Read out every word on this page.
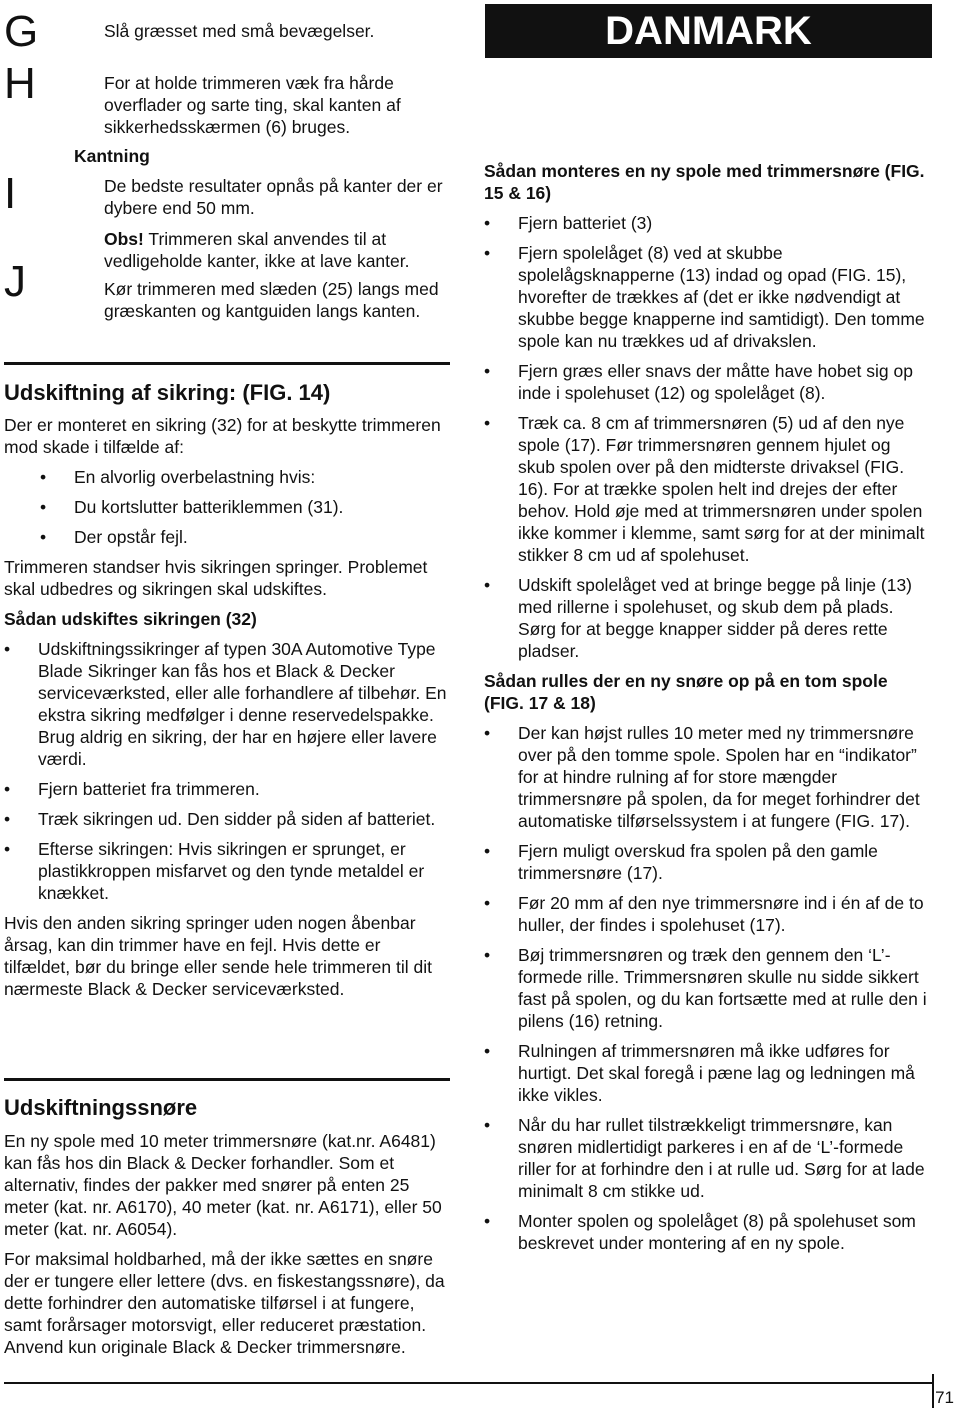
G
H
I
J

Slå græsset med små bevægelser.

For at holde trimmeren væk fra hårde overflader og sarte ting, skal kanten af sikkerhedsskærmen (6) bruges.

Kantning

De bedste resultater opnås på kanter der er dybere end 50 mm.

Obs! Trimmeren skal anvendes til at vedligeholde kanter, ikke at lave kanter.

Kør trimmeren med slæden (25) langs med græskanten og kantguiden langs kanten.

Udskiftning af sikring: (FIG. 14)

Der er monteret en sikring (32) for at beskytte trimmeren mod skade i tilfælde af:

• En alvorlig overbelastning hvis:
• Du kortslutter batteriklemmen (31).
• Der opstår fejl.

Trimmeren standser hvis sikringen springer. Problemet skal udbedres og sikringen skal udskiftes.

Sådan udskiftes sikringen (32)
• Udskiftningssikringer af typen 30A Automotive Type Blade Sikringer kan fås hos et Black & Decker serviceværksted, eller alle forhandlere af tilbehør. En ekstra sikring medfølger i denne reservedelspakke. Brug aldrig en sikring, der har en højere eller lavere værdi.
• Fjern batteriet fra trimmeren.
• Træk sikringen ud. Den sidder på siden af batteriet.
• Efterse sikringen: Hvis sikringen er sprunget, er plastikkroppen misfarvet og den tynde metaldel er knækket.

Hvis den anden sikring springer uden nogen åbenbar årsag, kan din trimmer have en fejl. Hvis dette er tilfældet, bør du bringe eller sende hele trimmeren til dit nærmeste Black & Decker serviceværksted.

Udskiftningssnøre

En ny spole med 10 meter trimmersnøre (kat.nr. A6481) kan fås hos din Black & Decker forhandler. Som et alternativ, findes der pakker med snører på enten 25 meter (kat. nr. A6170), 40 meter (kat. nr. A6171), eller 50 meter (kat. nr. A6054).

For maksimal holdbarhed, må der ikke sættes en snøre der er tungere eller lettere (dvs. en fiskestangssnøre), da dette forhindrer den automatiske tilførsel i at fungere, samt forårsager motorsvigt, eller reduceret præstation. Anvend kun originale Black & Decker trimmersnøre.

DANMARK
Sådan monteres en ny spole med trimmersnøre (FIG. 15 & 16)
• Fjern batteriet (3)
• Fjern spolelåget (8) ved at skubbe spolelågsknapperne (13) indad og opad (FIG. 15), hvorefter de trækkes af (det er ikke nødvendigt at skubbe begge knapperne ind samtidigt). Den tomme spole kan nu trækkes ud af drivakslen.
• Fjern græs eller snavs der måtte have hobet sig op inde i spolehuset (12) og spolelåget (8).
• Træk ca. 8 cm af trimmersnøren (5) ud af den nye spole (17). Før trimmersnøren gennem hjulet og skub spolen over på den midterste drivaksel (FIG. 16). For at trække spolen helt ind drejes der efter behov. Hold øje med at trimmersnøren under spolen ikke kommer i klemme, samt sørg for at der minimalt stikker 8 cm ud af spolehuset.
• Udskift spolelåget ved at bringe begge på linje (13) med rillerne i spolehuset, og skub dem på plads. Sørg for at begge knapper sidder på deres rette pladser.
Sådan rulles der en ny snøre op på en tom spole (FIG. 17 & 18)
• Der kan højst rulles 10 meter med ny trimmersnøre over på den tomme spole. Spolen har en “indikator” for at hindre rulning af for store mængder trimmersnøre på spolen, da for meget forhindrer det automatiske tilførselssystem i at fungere (FIG. 17).
• Fjern muligt overskud fra spolen på den gamle trimmersnøre (17).
• Før 20 mm af den nye trimmersnøre ind i én af de to huller, der findes i spolehuset (17).
• Bøj trimmersnøren og træk den gennem den ‘L’-formede rille. Trimmersnøren skulle nu sidde sikkert fast på spolen, og du kan fortsætte med at rulle den i pilens (16) retning.
• Rulningen af trimmersnøren må ikke udføres for hurtigt. Det skal foregå i pæne lag og ledningen må ikke vikles.
• Når du har rullet tilstrækkeligt trimmersnøre, kan snøren midlertidigt parkeres i en af de ‘L’-formede riller for at forhindre den i at rulle ud. Sørg for at lade minimalt 8 cm stikke ud.
• Monter spolen og spolelåget (8) på spolehuset som beskrevet under montering af en ny spole.
71
